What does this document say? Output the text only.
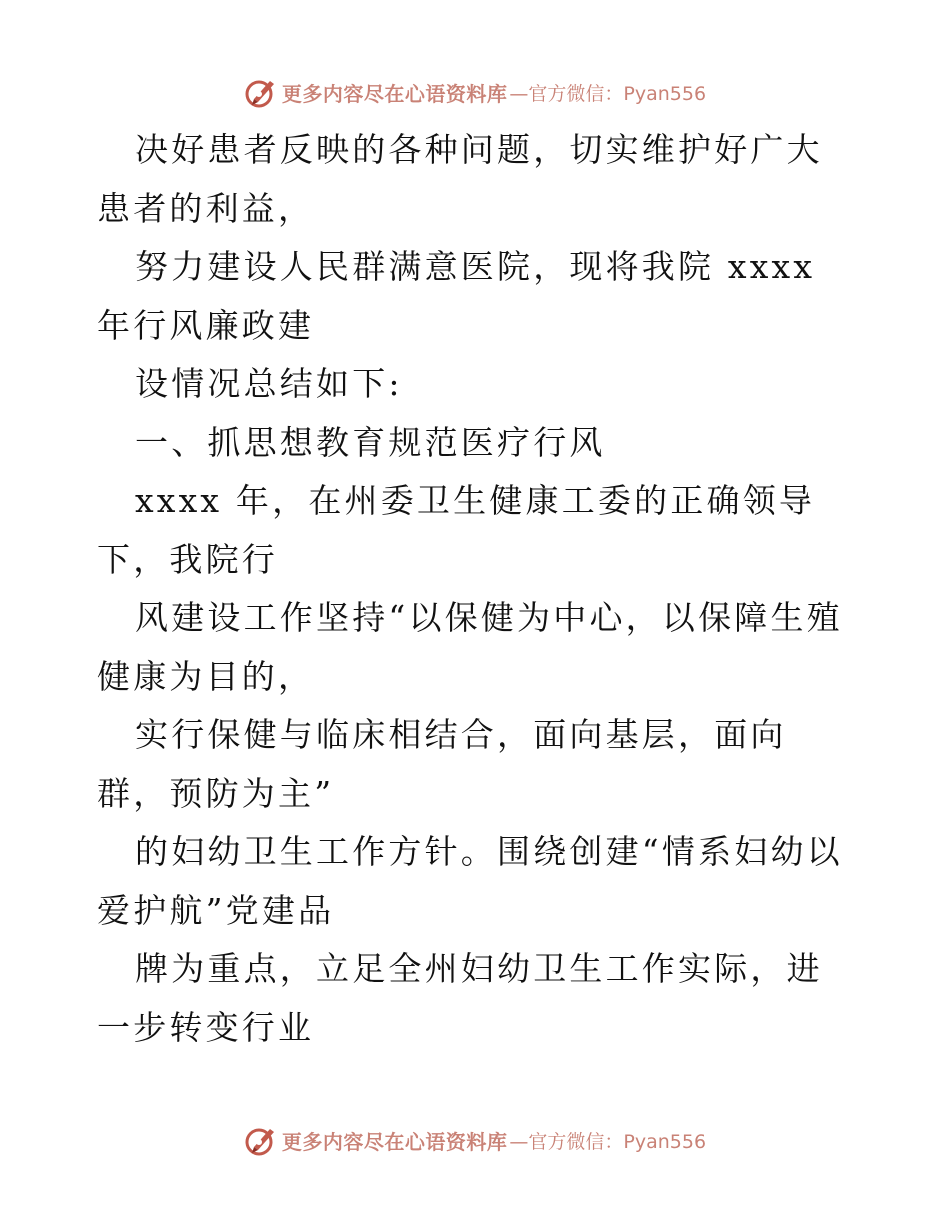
更多内容尽在心语资料库 —官方微信：Pyan556

决好患者反映的各种问题，切实维护好广大患者的利益，

努力建设人民群满意医院，现将我院 xxxx 年行风廉政建

设情况总结如下:

一、抓思想教育规范医疗行风

xxxx 年，在州委卫生健康工委的正确领导下，我院行

风建设工作坚持“以保健为中心，以保障生殖健康为目的，

实行保健与临床相结合，面向基层，面向群，预防为主”

的妇幼卫生工作方针。围绕创建“情系妇幼以爱护航”党建品

牌为重点，立足全州妇幼卫生工作实际，进一步转变行业

更多内容尽在心语资料库 —官方微信：Pyan556
